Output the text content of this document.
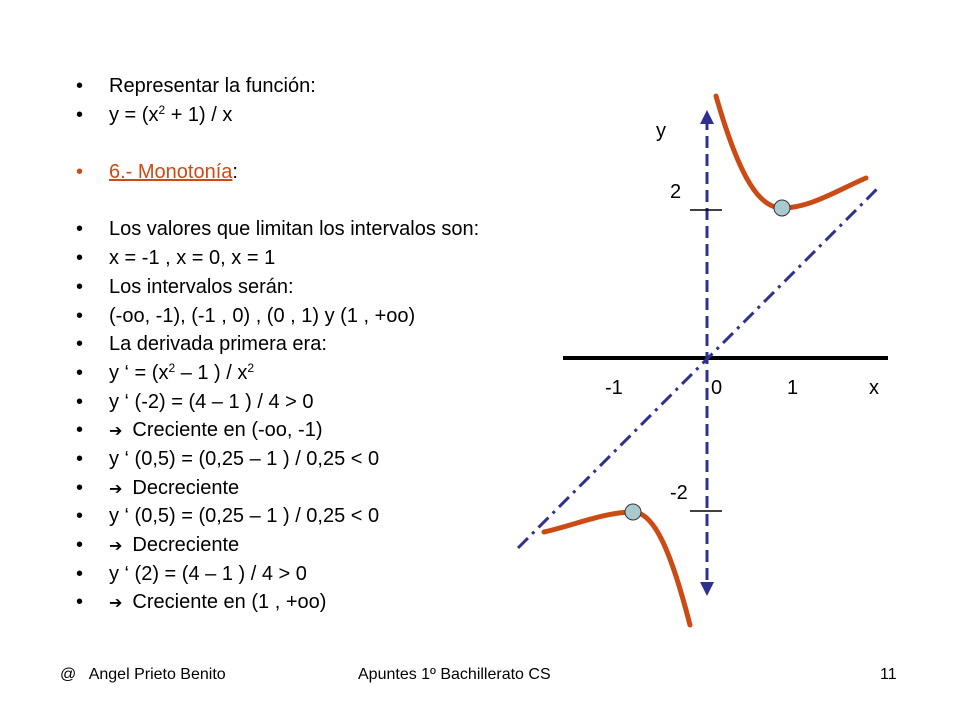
• Representar la función:
• $y = (x^2 + 1) / x$
• 6.- Monotonía:
• Los valores que limitan los intervalos son:
• x = -1 , x = 0, x = 1
• Los intervalos serán:
• (-oo, -1), (-1 , 0) , (0 , 1) y (1 , +oo)
• La derivada primera era:
• y ‘ = ($x^2 - 1$ ) / $x^2$
• y ‘ (-2) = (4 – 1 ) / 4 > 0
• ➔ Creciente en (-oo, -1)
• y ‘ (0,5) = (0,25 – 1 ) / 0,25 < 0
• ➔ Decreciente
• y ‘ (0,5) = (0,25 – 1 ) / 0,25 < 0
• ➔ Decreciente
• y ‘ (2) = (4 – 1 ) / 4 > 0
• ➔ Creciente en (1 , +oo)
y
2
-2
-1	0	1	x
@   Angel Prieto Benito	Apuntes 1º Bachillerato CS	11
